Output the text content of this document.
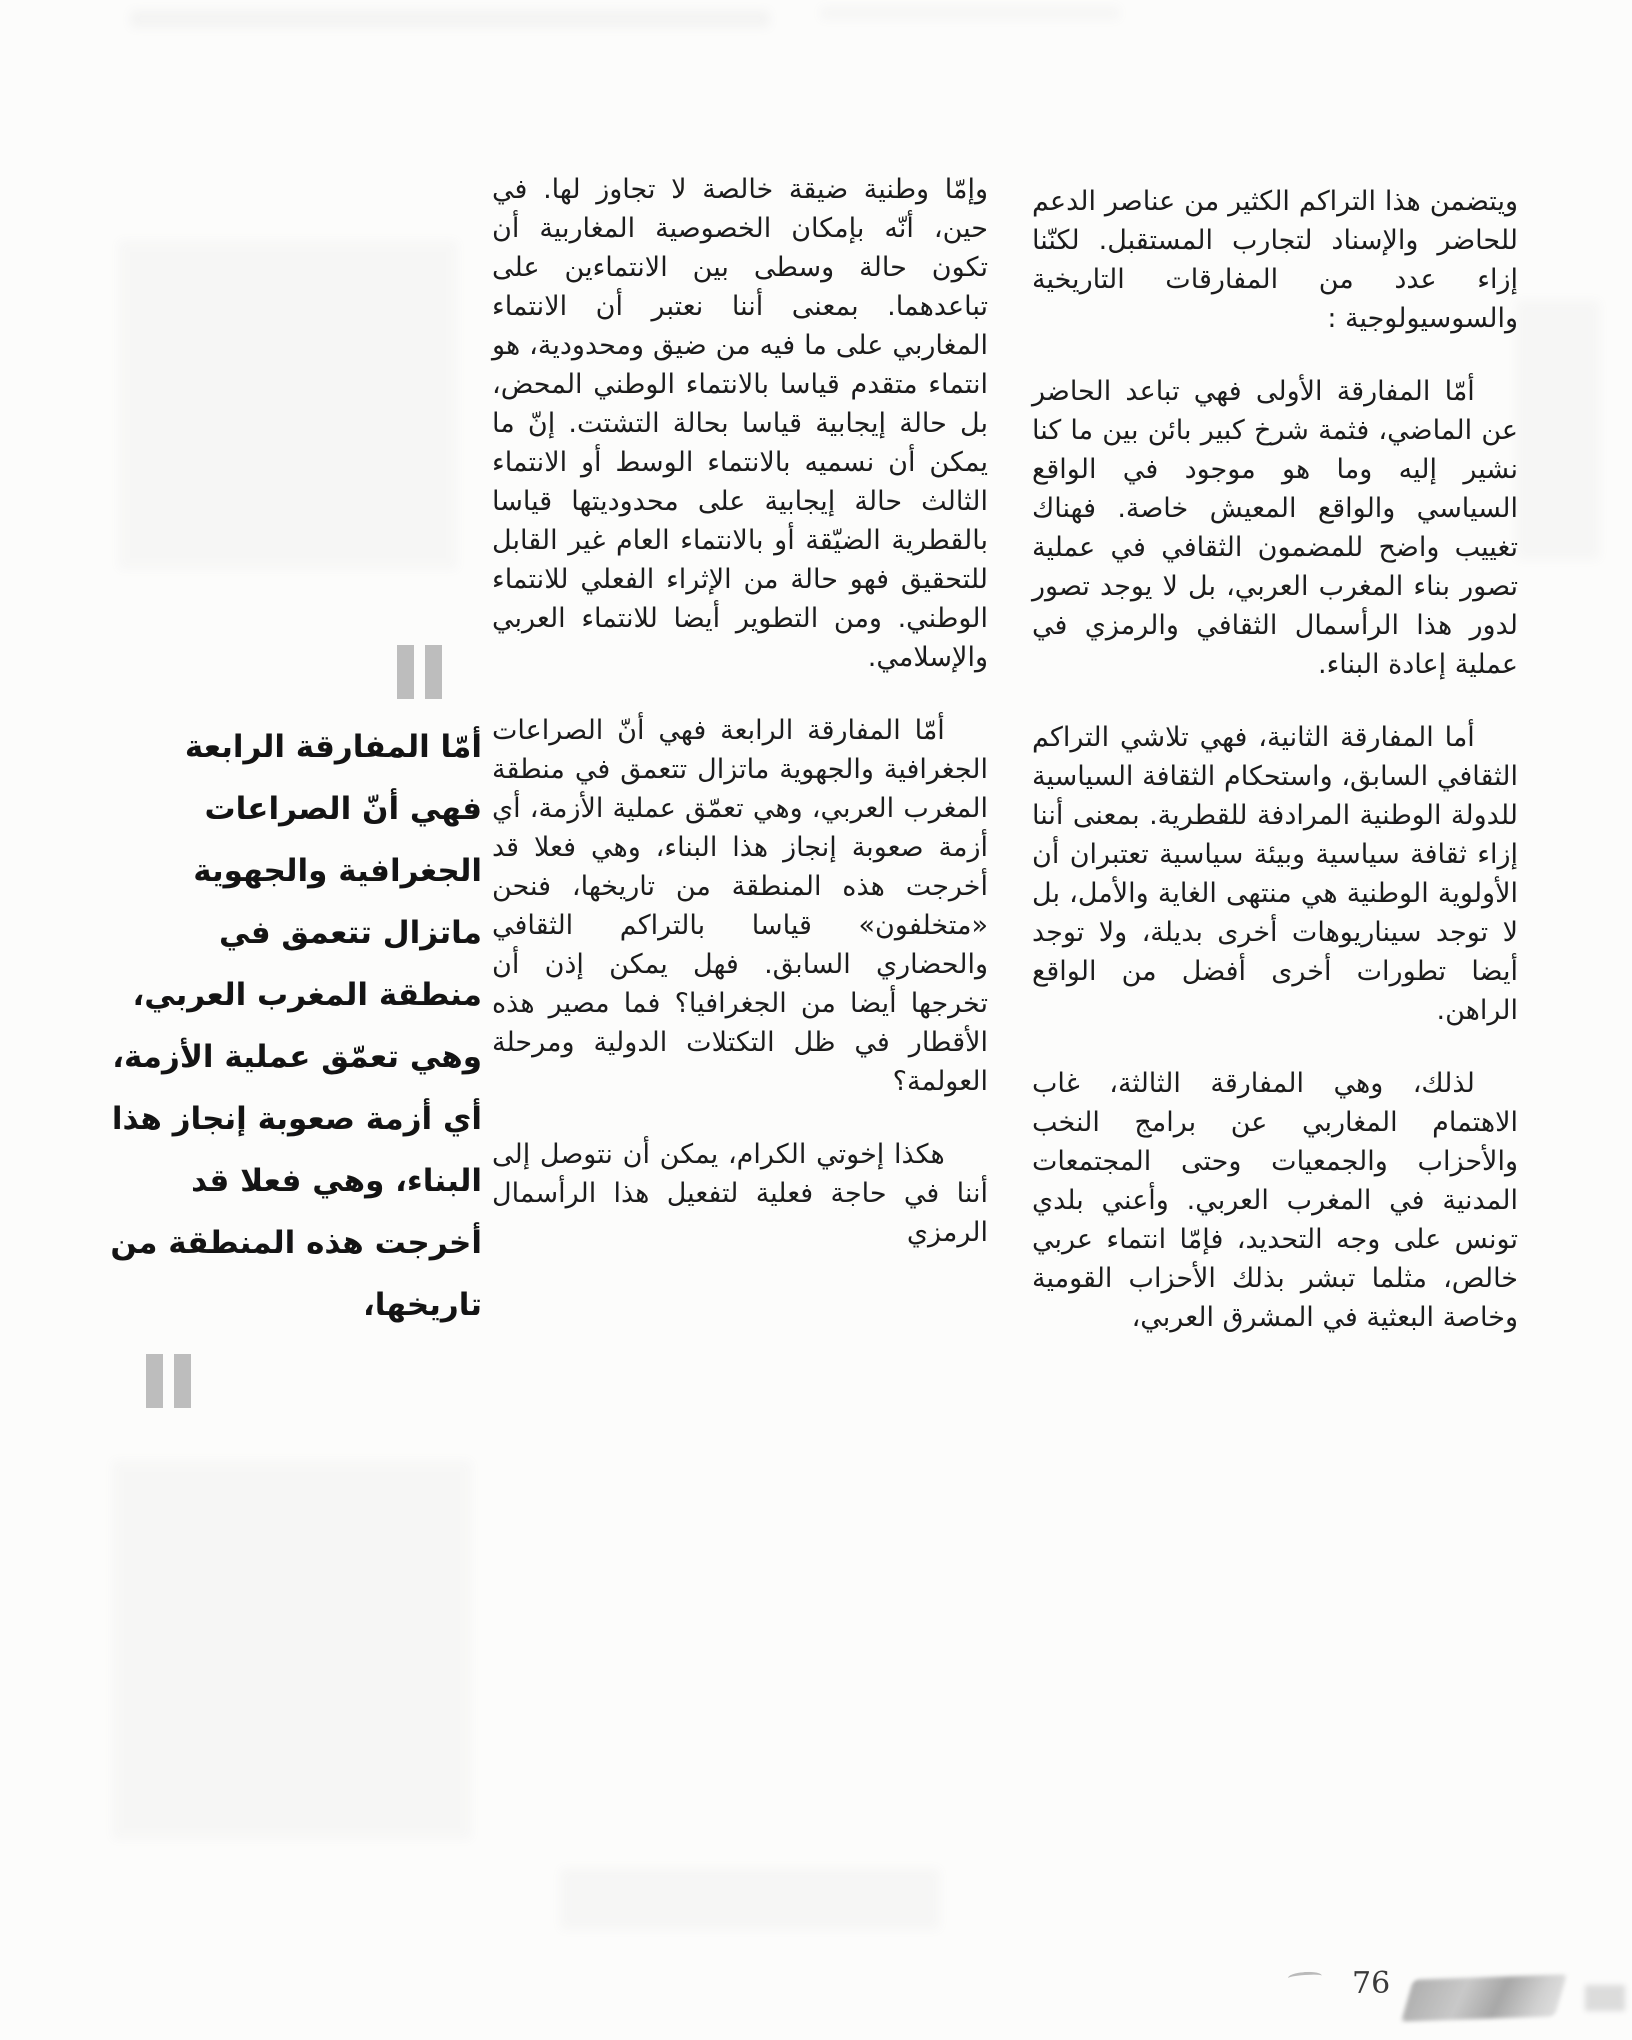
ويتضمن هذا التراكم الكثير من عناصر الدعم للحاضر والإسناد لتجارب المستقبل. لكنّنا إزاء عدد من المفارقات التاريخية والسوسيولوجية :

أمّا المفارقة الأولى فهي تباعد الحاضر عن الماضي، فثمة شرخ كبير بائن بين ما كنا نشير إليه وما هو موجود في الواقع السياسي والواقع المعيش خاصة. فهناك تغييب واضح للمضمون الثقافي في عملية تصور بناء المغرب العربي، بل لا يوجد تصور لدور هذا الرأسمال الثقافي والرمزي في عملية إعادة البناء.

أما المفارقة الثانية، فهي تلاشي التراكم الثقافي السابق، واستحكام الثقافة السياسية للدولة الوطنية المرادفة للقطرية. بمعنى أننا إزاء ثقافة سياسية وبيئة سياسية تعتبران أن الأولوية الوطنية هي منتهى الغاية والأمل، بل لا توجد سيناريوهات أخرى بديلة، ولا توجد أيضا تطورات أخرى أفضل من الواقع الراهن.

لذلك، وهي المفارقة الثالثة، غاب الاهتمام المغاربي عن برامج النخب والأحزاب والجمعيات وحتى المجتمعات المدنية في المغرب العربي. وأعني بلدي تونس على وجه التحديد، فإمّا انتماء عربي خالص، مثلما تبشر بذلك الأحزاب القومية وخاصة البعثية في المشرق العربي،

وإمّا وطنية ضيقة خالصة لا تجاوز لها. في حين، أنّه بإمكان الخصوصية المغاربية أن تكون حالة وسطى بين الانتماءين على تباعدهما. بمعنى أننا نعتبر أن الانتماء المغاربي على ما فيه من ضيق ومحدودية، هو انتماء متقدم قياسا بالانتماء الوطني المحض، بل حالة إيجابية قياسا بحالة التشتت. إنّ ما يمكن أن نسميه بالانتماء الوسط أو الانتماء الثالث حالة إيجابية على محدوديتها قياسا بالقطرية الضيّقة أو بالانتماء العام غير القابل للتحقيق فهو حالة من الإثراء الفعلي للانتماء الوطني. ومن التطوير أيضا للانتماء العربي والإسلامي.

أمّا المفارقة الرابعة فهي أنّ الصراعات الجغرافية والجهوية ماتزال تتعمق في منطقة المغرب العربي، وهي تعمّق عملية الأزمة، أي أزمة صعوبة إنجاز هذا البناء، وهي فعلا قد أخرجت هذه المنطقة من تاريخها، فنحن «متخلفون» قياسا بالتراكم الثقافي والحضاري السابق. فهل يمكن إذن أن تخرجها أيضا من الجغرافيا؟ فما مصير هذه الأقطار في ظل التكتلات الدولية ومرحلة العولمة؟

هكذا إخوتي الكرام، يمكن أن نتوصل إلى أننا في حاجة فعلية لتفعيل هذا الرأسمال الرمزي

أمّا المفارقة الرابعة فهي أنّ الصراعات الجغرافية والجهوية ماتزال تتعمق في منطقة المغرب العربي، وهي تعمّق عملية الأزمة، أي أزمة صعوبة إنجاز هذا البناء، وهي فعلا قد أخرجت هذه المنطقة من تاريخها،

76
